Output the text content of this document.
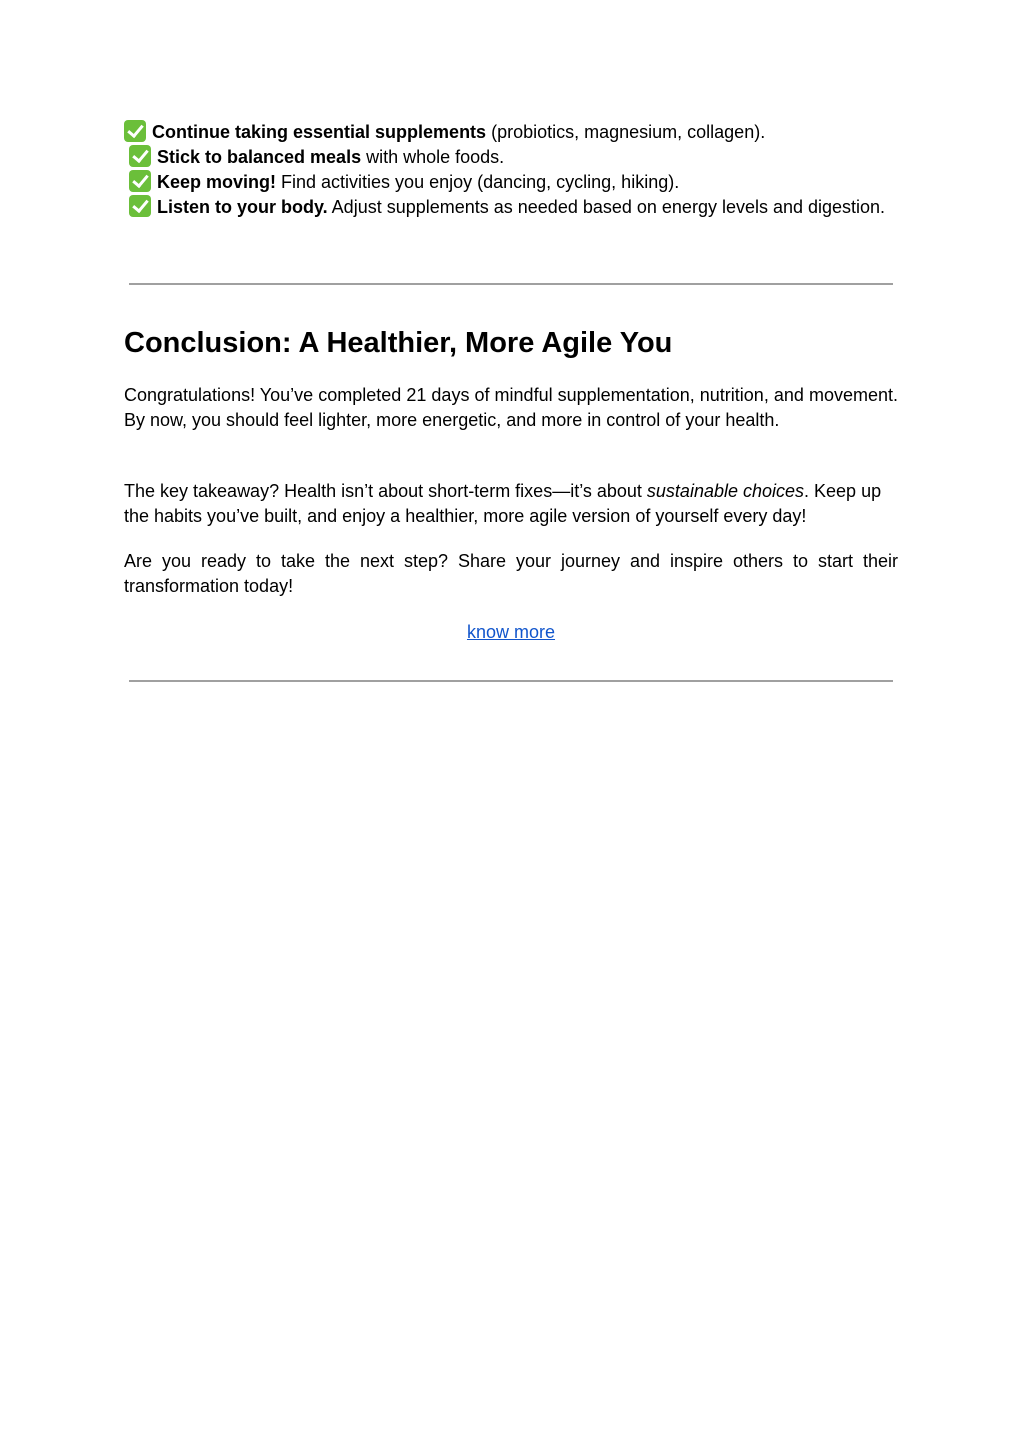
Continue taking essential supplements (probiotics, magnesium, collagen).
Stick to balanced meals with whole foods.
Keep moving! Find activities you enjoy (dancing, cycling, hiking).
Listen to your body. Adjust supplements as needed based on energy levels and digestion.
Conclusion: A Healthier, More Agile You

Congratulations! You’ve completed 21 days of mindful supplementation, nutrition, and movement. By now, you should feel lighter, more energetic, and more in control of your health.

The key takeaway? Health isn’t about short-term fixes—it’s about sustainable choices. Keep up the habits you’ve built, and enjoy a healthier, more agile version of yourself every day!

Are you ready to take the next step? Share your journey and inspire others to start their transformation today!

know more
